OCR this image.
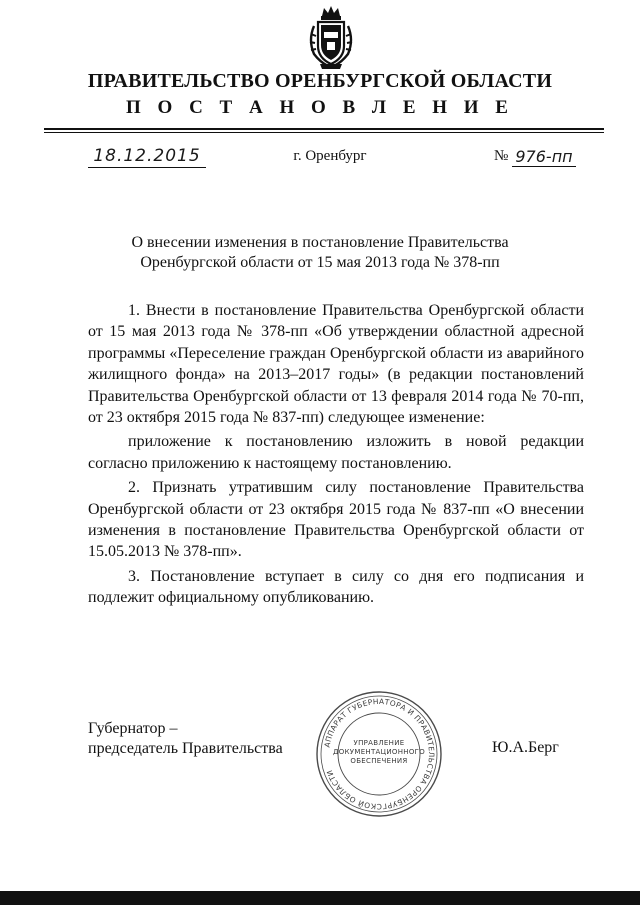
ПРАВИТЕЛЬСТВО ОРЕНБУРГСКОЙ ОБЛАСТИ
П О С Т А Н О В Л Е Н И Е
18.12.2015	г. Оренбург	№ 976-пп
О внесении изменения в постановление Правительства
Оренбургской области от 15 мая 2013 года № 378-пп

1. Внести в постановление Правительства Оренбургской области от 15 мая 2013 года № 378-пп «Об утверждении областной адресной программы «Переселение граждан Оренбургской области из аварийного жилищного фонда» на 2013–2017 годы» (в редакции постановлений Правительства Оренбургской области от 13 февраля 2014 года № 70-пп, от 23 октября 2015 года № 837-пп) следующее изменение:

приложение к постановлению изложить в новой редакции согласно приложению к настоящему постановлению.

2. Признать утратившим силу постановление Правительства Оренбургской области от 23 октября 2015 года № 837-пп «О внесении изменения в постановление Правительства Оренбургской области от 15.05.2013 № 378-пп».

3. Постановление вступает в силу со дня его подписания и подлежит официальному опубликованию.

Губернатор –
председатель Правительства	АППАРАТ ГУБЕРНАТОРА И ПРАВИТЕЛЬСТВА ОРЕНБУРГСКОЙ ОБЛАСТИ
УПРАВЛЕНИЕ
ДОКУМЕНТАЦИОННОГО
ОБЕСПЕЧЕНИЯ
Ю.А.Берг
